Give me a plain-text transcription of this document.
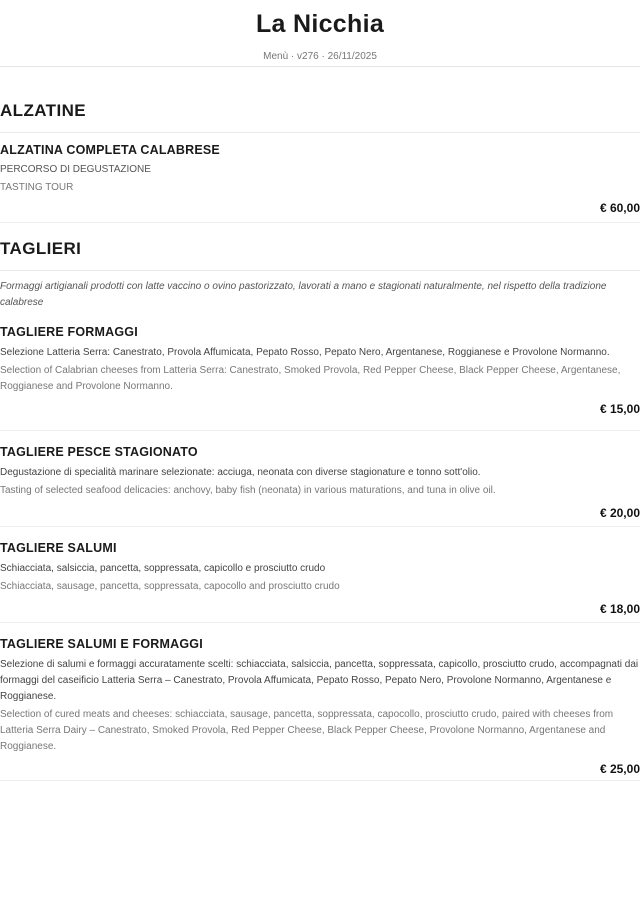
La Nicchia
Menù · v276 · 26/11/2025
ALZATINE
ALZATINA COMPLETA CALABRESE
PERCORSO DI DEGUSTAZIONE
TASTING TOUR
€ 60,00
TAGLIERI
Formaggi artigianali prodotti con latte vaccino o ovino pastorizzato, lavorati a mano e stagionati naturalmente, nel rispetto della tradizione calabrese
TAGLIERE FORMAGGI
Selezione Latteria Serra: Canestrato, Provola Affumicata, Pepato Rosso, Pepato Nero, Argentanese, Roggianese e Provolone Normanno.
Selection of Calabrian cheeses from Latteria Serra: Canestrato, Smoked Provola, Red Pepper Cheese, Black Pepper Cheese, Argentanese, Roggianese and Provolone Normanno.
€ 15,00
TAGLIERE PESCE STAGIONATO
Degustazione di specialità marinare selezionate: acciuga, neonata con diverse stagionature e tonno sott'olio.
Tasting of selected seafood delicacies: anchovy, baby fish (neonata) in various maturations, and tuna in olive oil.
€ 20,00
TAGLIERE SALUMI
Schiacciata, salsiccia, pancetta, soppressata, capicollo e prosciutto crudo
Schiacciata, sausage, pancetta, soppressata, capocollo and prosciutto crudo
€ 18,00
TAGLIERE SALUMI E FORMAGGI
Selezione di salumi e formaggi accuratamente scelti: schiacciata, salsiccia, pancetta, soppressata, capicollo, prosciutto crudo, accompagnati dai formaggi del caseificio Latteria Serra – Canestrato, Provola Affumicata, Pepato Rosso, Pepato Nero, Provolone Normanno, Argentanese e Roggianese.
Selection of cured meats and cheeses: schiacciata, sausage, pancetta, soppressata, capocollo, prosciutto crudo, paired with cheeses from Latteria Serra Dairy – Canestrato, Smoked Provola, Red Pepper Cheese, Black Pepper Cheese, Provolone Normanno, Argentanese and Roggianese.
€ 25,00
